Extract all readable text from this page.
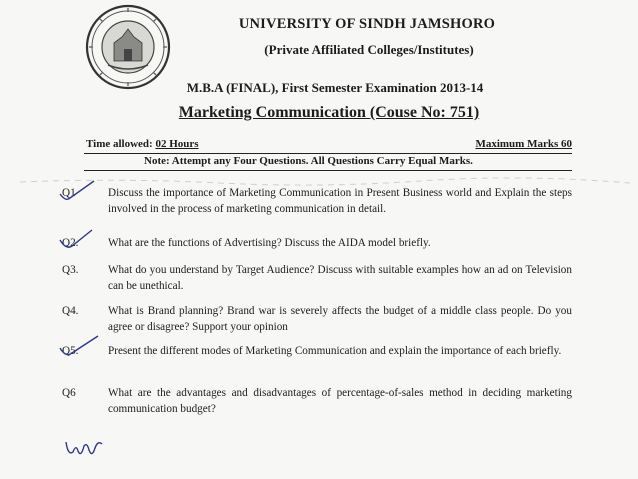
UNIVERSITY OF SINDH JAMSHORO
(Private Affiliated Colleges/Institutes)
M.B.A (FINAL), First Semester Examination 2013-14
Marketing Communication (Couse No: 751)
Time allowed: 02 Hours	Maximum Marks 60
Note: Attempt any Four Questions. All Questions Carry Equal Marks.
Q1	Discuss the importance of Marketing Communication in Present Business world and Explain the steps involved in the process of marketing communication in detail.
Q2.	What are the functions of Advertising? Discuss the AIDA model briefly.
Q3.	What do you understand by Target Audience? Discuss with suitable examples how an ad on Television can be unethical.
Q4.	What is Brand planning? Brand war is severely affects the budget of a middle class people. Do you agree or disagree? Support your opinion
Q5.	Present the different modes of Marketing Communication and explain the importance of each briefly.
Q6	What are the advantages and disadvantages of percentage-of-sales method in deciding marketing communication budget?
